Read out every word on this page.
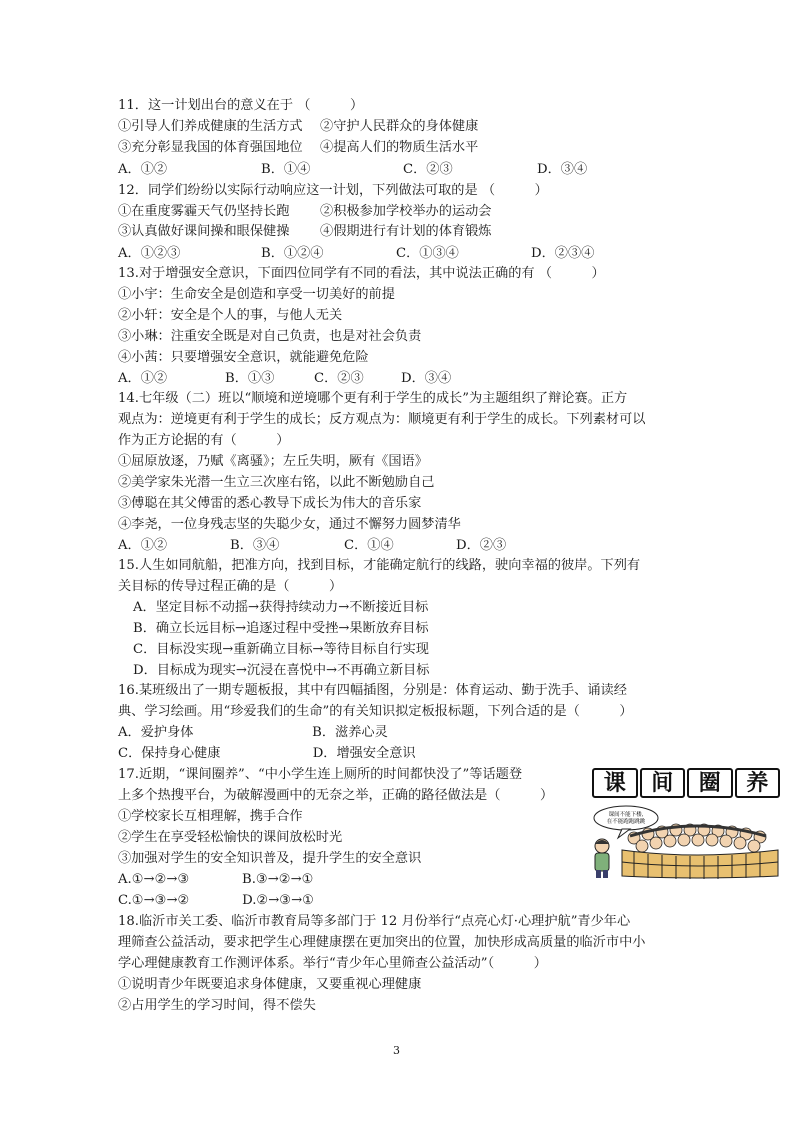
11．这一计划出台的意义在于 （　　　）
①引导人们养成健康的生活方式　 ②守护人民群众的身体健康
③充分彰显我国的体育强国地位　 ④提高人们的物质生活水平
A．①②	B．①④	C．②③	D．③④
12．同学们纷纷以实际行动响应这一计划，下列做法可取的是 （　　　）
①在重度雾霾天气仍坚持长跑　　 ②积极参加学校举办的运动会
③认真做好课间操和眼保健操　　 ④假期进行有计划的体育锻炼
A．①②③	B．①②④	C．①③④	D．②③④
13.对于增强安全意识，下面四位同学有不同的看法，其中说法正确的有 （　　　）
①小宇：生命安全是创造和享受一切美好的前提
②小轩：安全是个人的事，与他人无关
③小琳：注重安全既是对自己负责，也是对社会负责
④小茜：只要增强安全意识，就能避免危险
A．①②	B．①③	C．②③	D．③④
14.七年级（二）班以“顺境和逆境哪个更有利于学生的成长”为主题组织了辩论赛。正方
观点为：逆境更有利于学生的成长；反方观点为：顺境更有利于学生的成长。下列素材可以
作为正方论据的有（　　　）
①屈原放逐，乃赋《离骚》；左丘失明，厥有《国语》
②美学家朱光潜一生立三次座右铭，以此不断勉励自己
③傅聪在其父傅雷的悉心教导下成长为伟大的音乐家
④李尧，一位身残志坚的失聪少女，通过不懈努力圆梦清华
A．①②	B．③④	C．①④	D．②③
15.人生如同航船，把准方向，找到目标，才能确定航行的线路，驶向幸福的彼岸。下列有
关目标的传导过程正确的是（　　　）
A．坚定目标不动摇→获得持续动力→不断接近目标
B．确立长远目标→追逐过程中受挫→果断放弃目标
C．目标没实现→重新确立目标→等待目标自行实现
D．目标成为现实→沉浸在喜悦中→不再确立新目标
16.某班级出了一期专题板报，其中有四幅插图，分别是：体育运动、勤于洗手、诵读经
典、学习绘画。用“珍爱我们的生命”的有关知识拟定板报标题，下列合适的是（　　　）
A．爱护身体　　　　　　　　　B．滋养心灵
C．保持身心健康　　　　　　　D．增强安全意识
17.近期，“课间圈养”、“中小学生连上厕所的时间都快没了”等话题登
上多个热搜平台，为破解漫画中的无奈之举，正确的路径做法是（　　　）
①学校家长互相理解，携手合作
②学生在享受轻松愉快的课间放松时光
③加强对学生的安全知识普及，提升学生的安全意识
A.①→②→③　　　　B.③→②→①
C.①→③→②　　　　D.②→③→①
18.临沂市关工委、临沂市教育局等多部门于 12 月份举行“点亮心灯·心理护航”青少年心
理筛查公益活动，要求把学生心理健康摆在更加突出的位置，加快形成高质量的临沂市中小
学心理健康教育工作测评体系。举行“青少年心里筛查公益活动”（　　　）
①说明青少年既要追求身体健康，又要重视心理健康
②占用学生的学习时间，得不偿失
课	间	圈	养
课间不能下楼,
在不能跑跑跳跳
3
